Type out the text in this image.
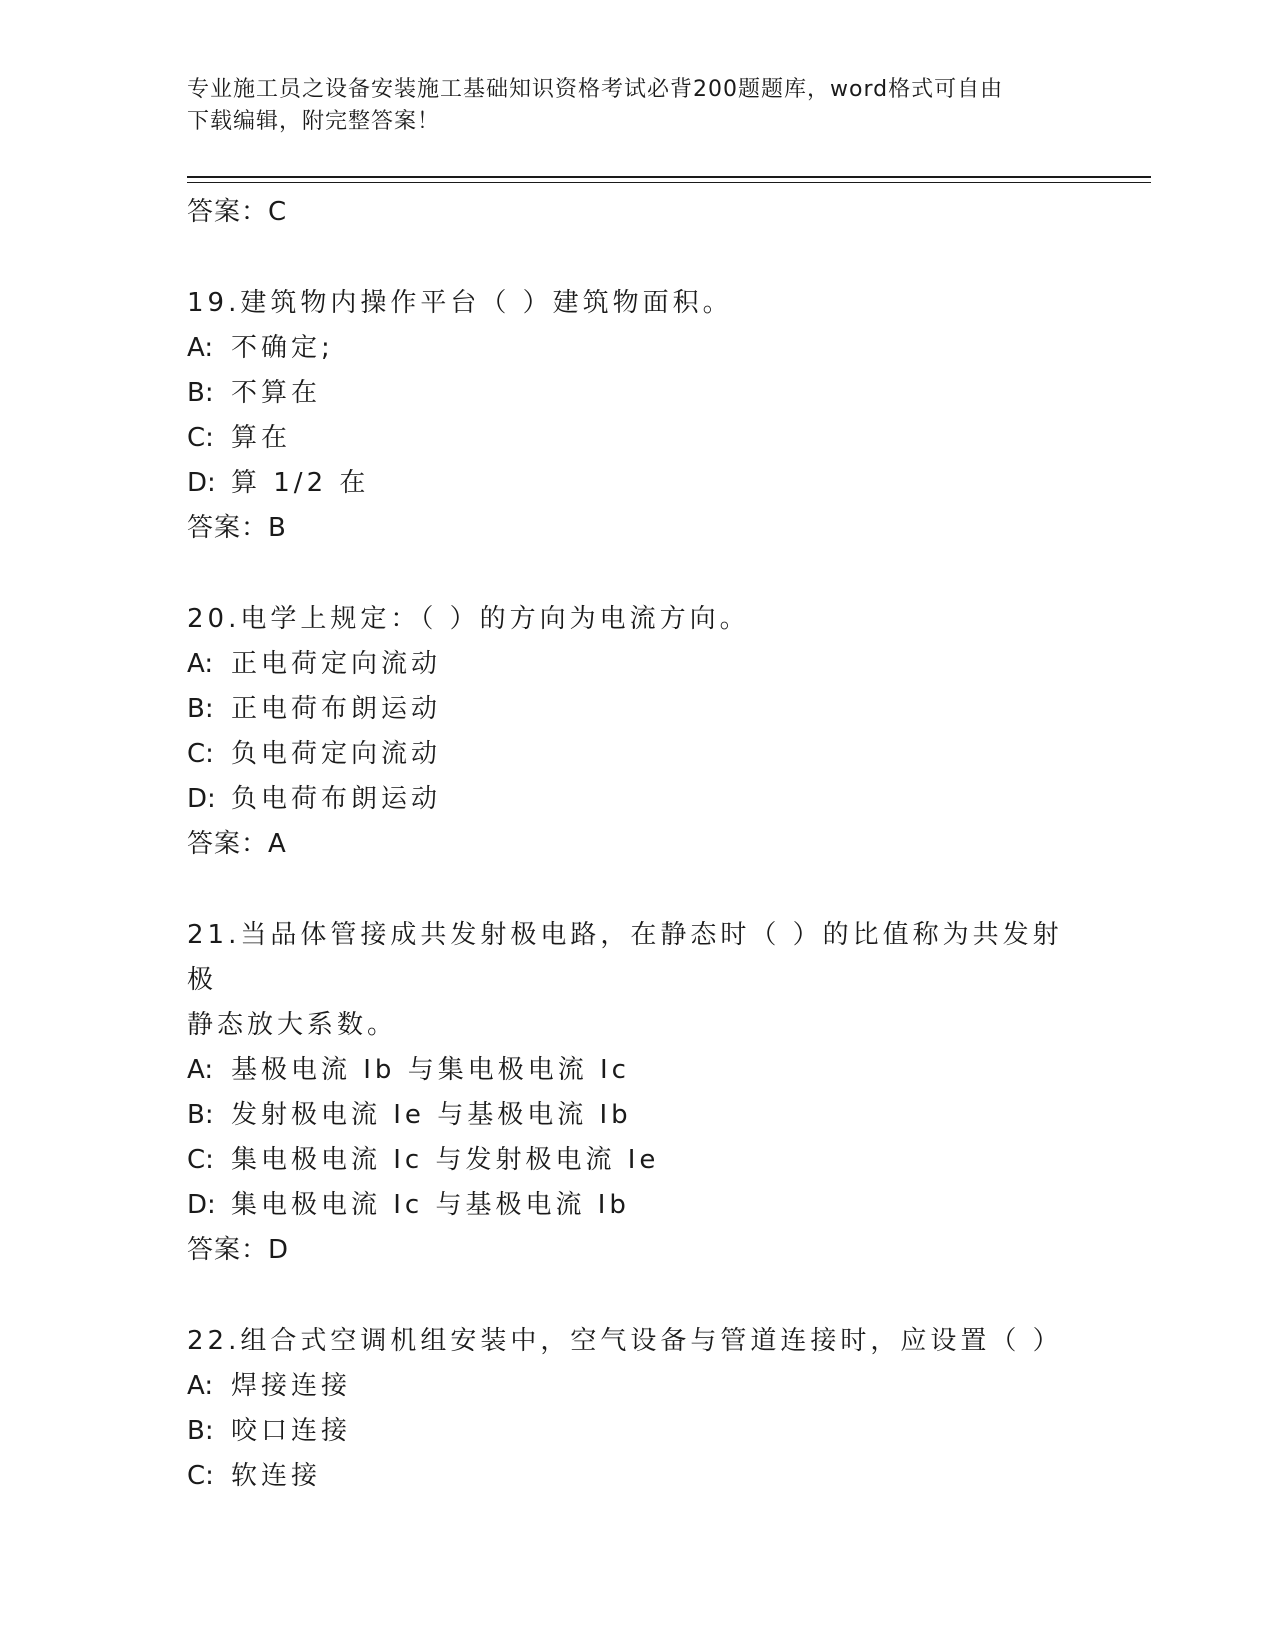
专业施工员之设备安装施工基础知识资格考试必背200题题库，word格式可自由
下载编辑，附完整答案！
答案：C
19.建筑物内操作平台（ ）建筑物面积。
A: 不确定;
B: 不算在
C: 算在
D: 算 1/2 在
答案：B
20.电学上规定：（ ）的方向为电流方向。
A: 正电荷定向流动
B: 正电荷布朗运动
C: 负电荷定向流动
D: 负电荷布朗运动
答案：A
21.当品体管接成共发射极电路，在静态时（ ）的比值称为共发射极
静态放大系数。
A: 基极电流 Ib 与集电极电流 Ic
B: 发射极电流 Ie 与基极电流 Ib
C: 集电极电流 Ic 与发射极电流 Ie
D: 集电极电流 Ic 与基极电流 Ib
答案：D
22.组合式空调机组安装中，空气设备与管道连接时，应设置（ ）
A: 焊接连接
B: 咬口连接
C: 软连接
